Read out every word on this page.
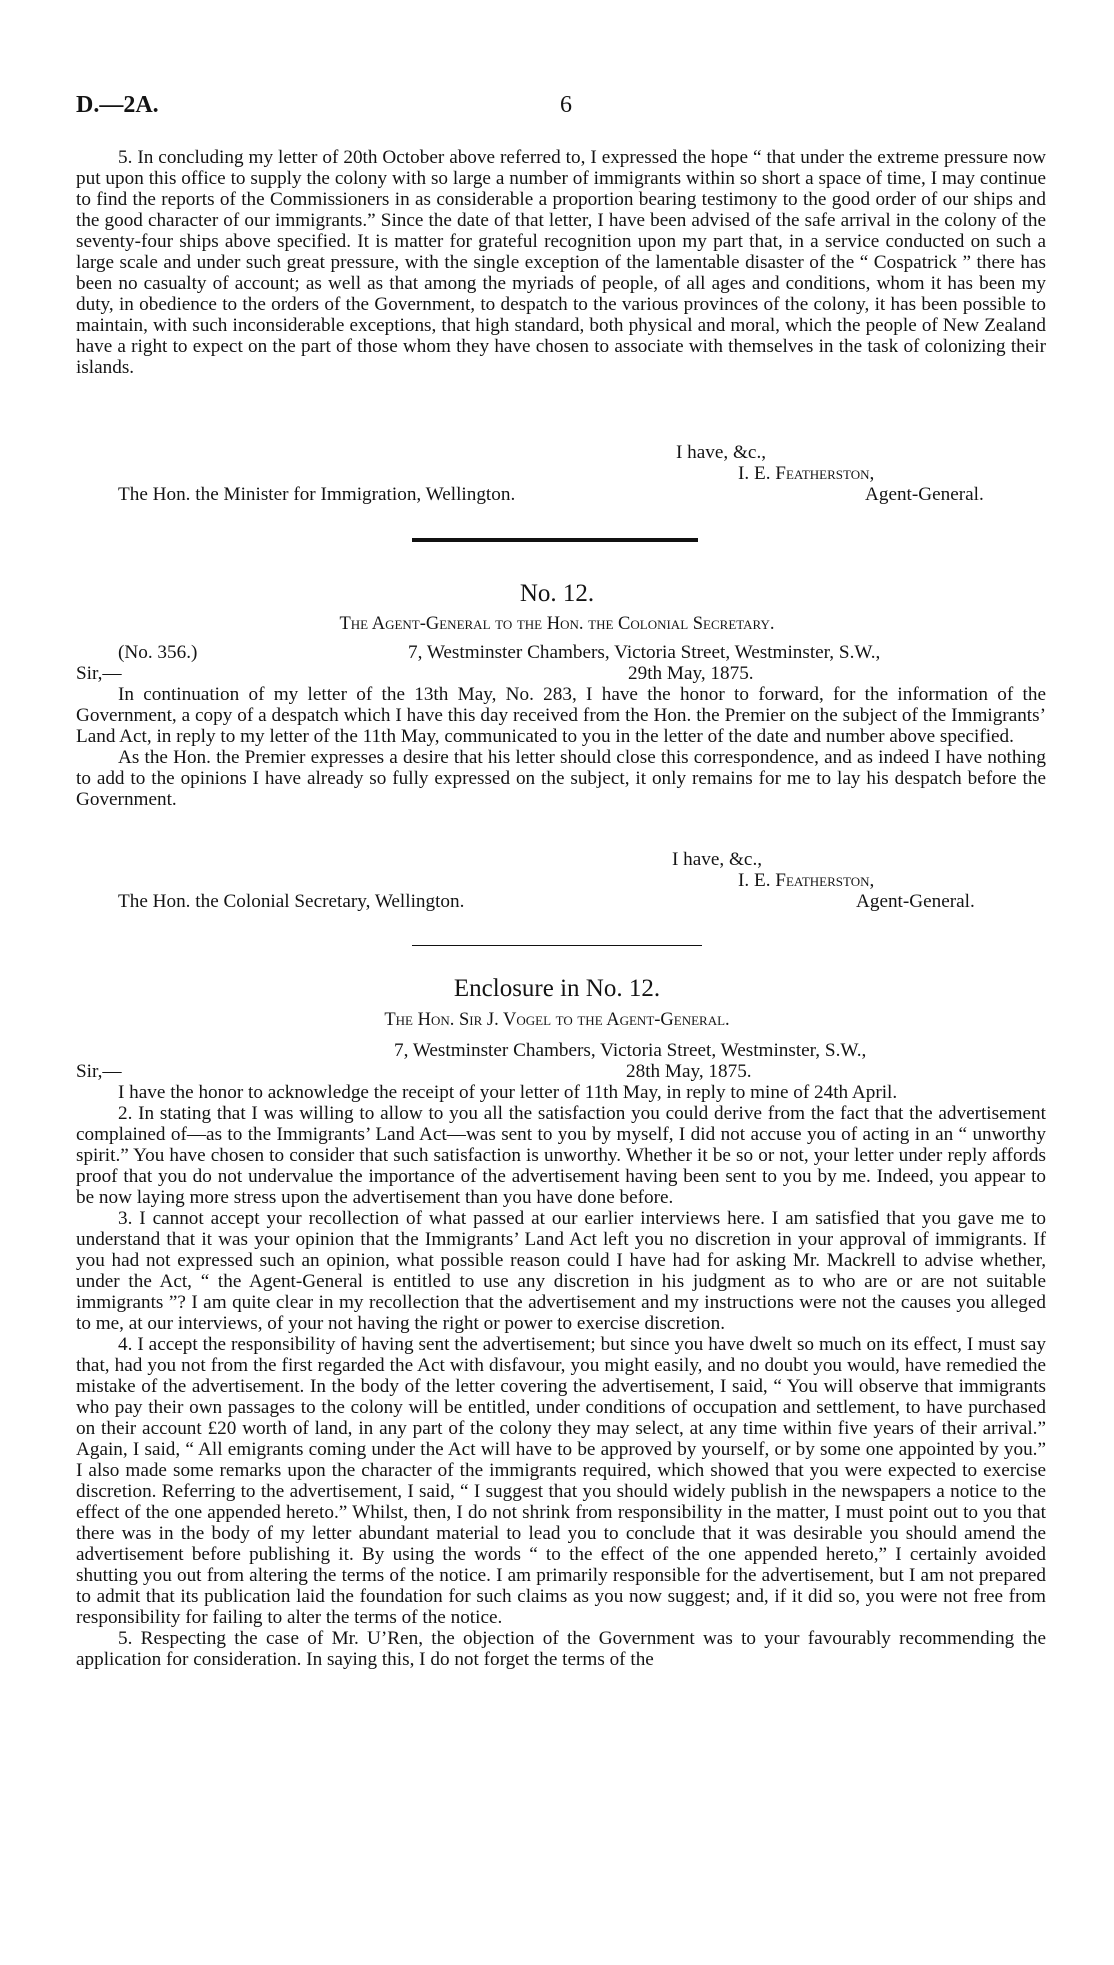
D.—2A.	6

5. In concluding my letter of 20th October above referred to, I expressed the hope “ that under the extreme pressure now put upon this office to supply the colony with so large a number of immigrants within so short a space of time, I may continue to find the reports of the Commissioners in as considerable a proportion bearing testimony to the good order of our ships and the good character of our immigrants.” Since the date of that letter, I have been advised of the safe arrival in the colony of the seventy-four ships above specified. It is matter for grateful recognition upon my part that, in a service conducted on such a large scale and under such great pressure, with the single exception of the lamentable disaster of the “ Cospatrick ” there has been no casualty of account; as well as that among the myriads of people, of all ages and conditions, whom it has been my duty, in obedience to the orders of the Government, to despatch to the various provinces of the colony, it has been possible to maintain, with such inconsiderable exceptions, that high standard, both physical and moral, which the people of New Zealand have a right to expect on the part of those whom they have chosen to associate with themselves in the task of colonizing their islands.

I have, &c.,
I. E. Featherston,
The Hon. the Minister for Immigration, Wellington.	Agent-General.
No. 12.
The Agent-General to the Hon. the Colonial Secretary.
(No. 356.)	7, Westminster Chambers, Victoria Street, Westminster, S.W.,
Sir,—	29th May, 1875.

In continuation of my letter of the 13th May, No. 283, I have the honor to forward, for the information of the Government, a copy of a despatch which I have this day received from the Hon. the Premier on the subject of the Immigrants’ Land Act, in reply to my letter of the 11th May, communicated to you in the letter of the date and number above specified.

As the Hon. the Premier expresses a desire that his letter should close this correspondence, and as indeed I have nothing to add to the opinions I have already so fully expressed on the subject, it only remains for me to lay his despatch before the Government.

I have, &c.,
I. E. Featherston,
The Hon. the Colonial Secretary, Wellington.	Agent-General.
Enclosure in No. 12.
The Hon. Sir J. Vogel to the Agent-General.
7, Westminster Chambers, Victoria Street, Westminster, S.W.,
Sir,—	28th May, 1875.

I have the honor to acknowledge the receipt of your letter of 11th May, in reply to mine of 24th April.

2. In stating that I was willing to allow to you all the satisfaction you could derive from the fact that the advertisement complained of—as to the Immigrants’ Land Act—was sent to you by myself, I did not accuse you of acting in an “ unworthy spirit.” You have chosen to consider that such satisfaction is unworthy. Whether it be so or not, your letter under reply affords proof that you do not undervalue the importance of the advertisement having been sent to you by me. Indeed, you appear to be now laying more stress upon the advertisement than you have done before.

3. I cannot accept your recollection of what passed at our earlier interviews here. I am satisfied that you gave me to understand that it was your opinion that the Immigrants’ Land Act left you no discretion in your approval of immigrants. If you had not expressed such an opinion, what possible reason could I have had for asking Mr. Mackrell to advise whether, under the Act, “ the Agent-General is entitled to use any discretion in his judgment as to who are or are not suitable immigrants ”? I am quite clear in my recollection that the advertisement and my instructions were not the causes you alleged to me, at our interviews, of your not having the right or power to exercise discretion.

4. I accept the responsibility of having sent the advertisement; but since you have dwelt so much on its effect, I must say that, had you not from the first regarded the Act with disfavour, you might easily, and no doubt you would, have remedied the mistake of the advertisement. In the body of the letter covering the advertisement, I said, “ You will observe that immigrants who pay their own passages to the colony will be entitled, under conditions of occupation and settlement, to have purchased on their account £20 worth of land, in any part of the colony they may select, at any time within five years of their arrival.” Again, I said, “ All emigrants coming under the Act will have to be approved by yourself, or by some one appointed by you.” I also made some remarks upon the character of the immigrants required, which showed that you were expected to exercise discretion. Referring to the advertisement, I said, “ I suggest that you should widely publish in the newspapers a notice to the effect of the one appended hereto.” Whilst, then, I do not shrink from responsibility in the matter, I must point out to you that there was in the body of my letter abundant material to lead you to conclude that it was desirable you should amend the advertisement before publishing it. By using the words “ to the effect of the one appended hereto,” I certainly avoided shutting you out from altering the terms of the notice. I am primarily responsible for the advertisement, but I am not prepared to admit that its publication laid the foundation for such claims as you now suggest; and, if it did so, you were not free from responsibility for failing to alter the terms of the notice.

5. Respecting the case of Mr. U’Ren, the objection of the Government was to your favourably recommending the application for consideration. In saying this, I do not forget the terms of the
